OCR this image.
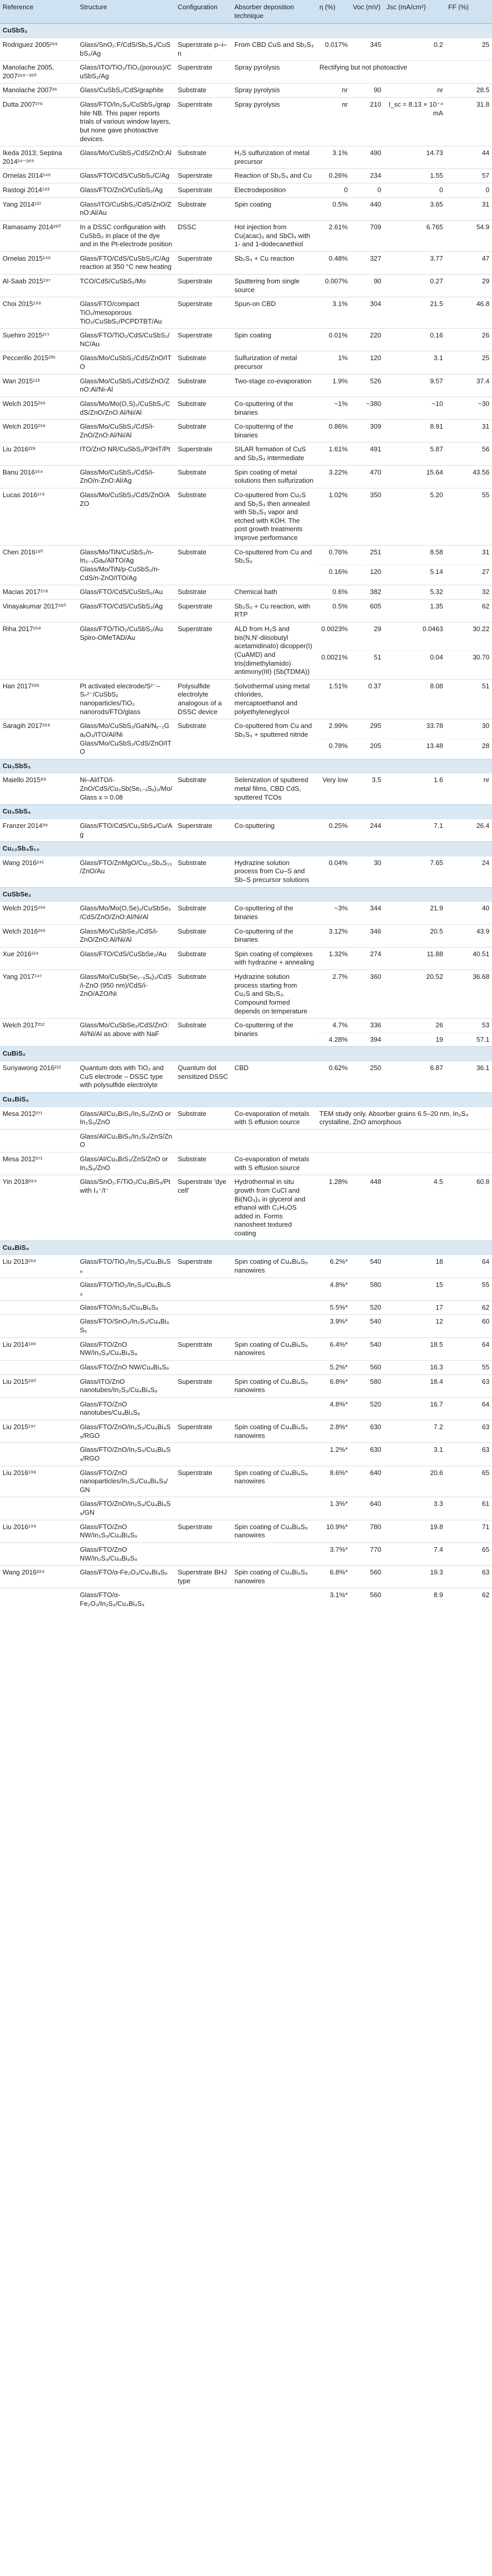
Reference	Structure	Configuration	Absorber deposition technique	η (%)	Voc (mV)	Jsc (mA/cm²)	FF (%)
CuSbS₂							
Rodriguez 2005²⁶⁹	Glass/SnO₂:F/CdS/Sb₂S₃/CuSbS₂/Ag	Superstrate p–i–n	From CBD CuS and Sb₂S₃	0.017%	345	0.2	25
Manolache 2005, 2007²⁵⁹⁻²⁶⁰	Glass/ITO/TiO₂/TiO₂(porous)/CuSbS₂/Ag	Superstrate	Spray pyrolysis	Rectifying but not photoactive			
Manolache 2007²⁶	Glass/CuSbS₂/CdS/graphite	Substrate	Spray pyrolysis	nr	90	nr	28.5
Dutta 2007²⁷⁶	Glass/FTO/In₂S₃/CuSbS₂/graphite NB. This paper reports trials of various window layers, but none gave photoactive devices.	Superstrate	Spray pyrolysis	nr	210	I_sc = 8.13 × 10⁻⁴ mA	31.8
Ikeda 2013; Septina 2014²⁴⁻²⁶⁹	Glass/Mo/CuSbS₂/CdS/ZnO:Al	Substrate	H₂S sulfurization of metal precursor	3.1%	490	14.73	44
Ornelas 2014¹⁴⁶	Glass/FTO/CdS/CuSbS₂/C/Ag	Superstrate	Reaction of Sb₂S₃ and Cu	0.26%	234	1.55	57
Rastogi 2014¹⁹³	Glass/FTO/ZnO/CuSbS₂/Ag	Superstrate	Electrodeposition	0	0	0	0
Yang 2014¹³⁷	Glass/ITO/CuSbS₂/CdS/ZnO/ZnO:Al/Au	Substrate	Spin coating	0.5%	440	3.65	31
Ramasamy 2014²⁶⁰	In a DSSC configuration with CuSbS₂ in place of the dye and in the Pt-electrode position	DSSC	Hot injection from Cu(acac)₂ and SbCl₃ with 1- and 1-dodecanethiol	2.61%	709	6.765	54.9
Ornelas 2015¹⁴⁶	Glass/FTO/CdS/CuSbS₂/C/Ag reaction at 350 °C new heating	Superstrate	Sb₂S₃ + Cu reaction	0.48%	327	3.77	47
Al-Saab 2015¹⁹⁷	TCO/CdS/CuSbS₂/Mo	Superstrate	Sputtering from single source	0.007%	90	0.27	29
Choi 2015¹⁹⁸	Glass/FTO/compact TiO₂/mesoporous TiO₂/CuSbS₂/PCPDTBT/Au	Superstrate	Spun-on CBD	3.1%	304	21.5	46.8
Suehiro 2015²⁷⁷	Glass/FTO/TiO₂/CdS/CuSbS₂/NC/Au	Superstrate	Spin coating	0.01%	220	0.16	26
Peccerillo 2015²³⁵	Glass/Mo/CuSbS₂/CdS/ZnO/ITO	Substrate	Sulfurization of metal precursor	1%	120	3.1	25
Wan 2015¹¹³	Glass/Mo/CuSbS₂/CdS/ZnO/ZnO:Al/Ni-Al	Substrate	Two-stage co-evaporation	1.9%	526	9.57	37.4
Welch 2015²⁵⁶	Glass/Mo/Mo(O,S)₂/CuSbS₂/CdS/ZnO/ZnO:Al/Ni/Al	Substrate	Co-sputtering of the binaries	~1%	~380	~10	~30
Welch 2016²⁵⁶	Glass/Mo/CuSbS₂/CdS/i-ZnO/ZnO:Al/Ni/Al	Substrate	Co-sputtering of the binaries	0.86%	309	8.91	31
Liu 2016²²⁸	ITO/ZnO NR/CuSbS₂/P3HT/Pt	Superstrate	SILAR formation of CuS and Sb₂S₃ intermediate	1.61%	491	5.87	56
Banu 2016¹⁶⁴	Glass/Mo/CuSbS₂/CdS/i-ZnO/n-ZnO:Al/Ag	Substrate	Spin coating of metal solutions then sulfurization	3.22%	470	15.64	43.56
Lucas 2016¹⁷⁹	Glass/Mo/CuSbS₂/CdS/ZnO/AZO	Substrate	Co-sputtered from Cu₂S and Sb₂S₃ then annealed with Sb₂S₃ vapor and etched with KOH. The post growth treatments improve performance	1.02%	350	5.20	55
Chen 2016¹⁸⁰	Glass/Mo/TiN/CuSbS₂/n-In₂₋ₓGaₓ/AlITO/Ag
Glass/Mo/TiN/p-CuSbS₂/n-CdS/n-ZnO/ITO/Ag	Substrate	Co-sputtered from Cu and Sb₂S₃	0.76%	251	8.58	31
				0.16%	120	5.14	27
Macias 2017²⁷⁸	Glass/FTO/CdS/CuSbS₂/Au	Substrate	Chemical bath	0.6%	382	5.32	32
Vinayakumar 2017²⁸⁰	Glass/FTO/CdS/CuSbS₂/Ag	Superstrate	Sb₂S₃ + Cu reaction, with RTP	0.5%	605	1.35	62
Riha 2017²⁶⁸	Glass/FTO/TiO₂/CuSbS₂/Au
Spiro-OMeTAD/Au	Superstrate	ALD from H₂S and bis(N,N'-diisobutyl acetamidinato) dicopper(I) (CuAMD) and tris(dimethylamido) antimony(III) (Sb(TDMA))	0.0023%	29	0.0463	30.22
				0.0021%	51	0.04	30.70
Han 2017²⁸⁶	Pt activated electrode/S²⁻–Sₙ²⁻/CuSbS₂ nanoparticles/TiO₂ nanorods/FTO/glass	Polysulfide electrolyte analogous of a DSSC device	Solvothermal using metal chlorides, mercaptoethanol and polyethyleneglycol	1.51%	0.37	8.08	51
Saragih 2017²⁶⁸	Glass/Mo/CuSbS₂/GaN/Nᵧ₋₁GaₓO₃/ITO/Al/Ni
Glass/Mo/CuSbS₂/CdS/ZnO/ITO	Substrate	Co-sputtered from Cu and Sb₂S₃ + sputtered nitride	2.99%	295	33.78	30
				0.78%	205	13.48	28
Cu₃SbS₃							
Maiello 2015⁸⁸	Ni–Al/ITO/i-ZnO/CdS/Cu₃Sb(Se₁₋ₓSₓ)₃/Mo/Glass x = 0.08	Substrate	Selenization of sputtered metal films, CBD CdS, sputtered TCOs	Very low	3.5	1.6	nr
Cu₃SbS₄							
Franzer 2014⁸⁵	Glass/FTO/CdS/Cu₃SbS₄/Cu/Ag	Superstrate	Co-sputtering	0.25%	244	7.1	26.4
Cu₁₂Sb₄S₁₃							
Wang 2016²⁴¹	Glass/FTO/ZnMgO/Cu₁₂Sb₄S₁₃/ZnO/Au	Substrate	Hydrazine solution process from Cu–S and Sb–S precursor solutions	0.04%	30	7.65	24
CuSbSe₂							
Welch 2015²⁵⁶	Glass/Mo/Mo(O,Se)₂/CuSbSe₂/CdS/ZnO/ZnO:Al/Ni/Al	Substrate	Co-sputtering of the binaries	~3%	344	21.9	40
Welch 2016²⁵⁶	Glass/Mo/CuSbSe₂/CdS/i-ZnO/ZnO:Al/Ni/Al	Substrate	Co-sputtering of the binaries	3.12%	346	20.5	43.9
Xue 2016¹²⁴	Glass/FTO/CdS/CuSbSe₂/Au	Substrate	Spin coating of complexes with hydrazine + annealing	1.32%	274	11.88	40.51
Yang 2017¹⁴⁷	Glass/Mo/CuSb(Se₁₋ₓSₓ)₂/CdS/i-ZnO (950 nm)/CdS/i-ZnO/AZO/Ni	Substrate	Hydrazine solution process starting from Cu₂S and Sb₂S₃. Compound formed depends on temperature	2.7%	360	20.52	36.68
Welch 2017²¹²	Glass/Mo/CuSbSe₂/CdS/ZnO:Al/Ni/Al as above with NaF	Substrate	Co-sputtering of the binaries	4.7%	336	26	53
				4.28%	394	19	57.1
CuBiS₂							
Suriyawong 2016²¹²	Quantum dots with TiO₂ and CuS electrode – DSSC type with polysulfide electrolyte	Quantum dot sensitized DSSC	CBD	0.62%	250	6.87	36.1
Cu₃BiS₃							
Mesa 2012²⁷¹	Glass/Al/Cu₃BiS₃/In₂S₃/ZnO or In₂S₃/ZnO	Substrate	Co-evaporation of metals with S effusion source	TEM study only. Absorber grains 6.5–20 nm, In₂S₃ crystalline, ZnO amorphous			
	Glass/Al/Cu₃BiS₃/In₂S₃/ZnS/ZnO						
Mesa 2012²⁷¹	Glass/Al/Cu₃BiS₃/ZnS/ZnO or In₂S₃/ZnO	Substrate	Co-evaporation of metals with S effusion source				
Yin 2018²⁸⁴	Glass/SnO₂:F/TiO₂/Cu₃BiS₃/Pt with I₃⁻/I⁻	Superstrate 'dye cell'	Hydrothermal in situ growth from CuCl and Bi(NO₃)₃ in glycerol and ethanol with C₂H₅OS added in. Forms nanosheet textured coating	1.28%	448	4.5	60.8
Cu₄BiS₄							
Liu 2013²⁶⁹	Glass/FTO/TiO₂/In₂S₃/Cu₄Bi₄S₉	Superstrate	Spin coating of Cu₄Bi₄S₉ nanowires	6.2%*	540	18	64
	Glass/FTO/TiO₂/In₂S₃/Cu₄Bi₄S₉			4.8%*	580	15	55
	Glass/FTO/In₂S₃/Cu₄Bi₄S₉			5.5%*	520	17	62
	Glass/FTO/SnO₂/In₂S₃/Cu₄Bi₄S₉			3.9%*	540	12	60
Liu 2014¹⁸⁶	Glass/FTO/ZnO NW/In₂S₃/Cu₄Bi₄S₉	Superstrate	Spin coating of Cu₄Bi₄S₉ nanowires	6.4%*	540	18.5	64
	Glass/FTO/ZnO NW/Cu₄Bi₄S₉			5.2%*	560	16.3	55
Liu 2015²⁸⁰	Glass/ITO/ZnO nanotubes/In₂S₃/Cu₄Bi₄S₉	Superstrate	Spin coating of Cu₄Bi₄S₉ nanowires	6.8%*	580	18.4	63
	Glass/FTO/ZnO nanotubes/Cu₄Bi₄S₉			4.8%*	520	16.7	64
Liu 2015¹⁹⁷	Glass/FTO/ZnO/In₂S₃/Cu₄Bi₄S₉/RGO	Superstrate	Spin coating of Cu₄Bi₄S₉ nanowires	2.8%*	630	7.2	63
	Glass/FTO/ZnO/In₂S₃/Cu₄Bi₄S₉/RGO			1.2%*	630	3.1	63
Liu 2016¹⁹⁸	Glass/FTO/ZnO nanoparticles/In₂S₃/Cu₄Bi₄S₉/GN	Superstrate	Spin coating of Cu₄Bi₄S₉ nanowires	8.6%*	640	20.6	65
	Glass/FTO/ZnO/In₂S₃/Cu₄Bi₄S₉/GN			1.3%*	640	3.3	61
Liu 2016¹⁹⁹	Glass/FTO/ZnO NW/In₂S₃/Cu₄Bi₄S₉	Superstrate	Spin coating of Cu₄Bi₄S₉ nanowires	10.9%*	780	19.8	71
	Glass/FTO/ZnO NW/In₂S₃/Cu₄Bi₄S₉			3.7%*	770	7.4	65
Wang 2016²⁸⁴	Glass/FTO/α-Fe₂O₃/Cu₄Bi₄S₉	Superstrate BHJ type	Spin coating of Cu₄Bi₄S₉ nanowires	6.8%*	560	19.3	63
	Glass/FTO/α-Fe₂O₃/In₂S₃/Cu₄Bi₄S₉			3.1%*	560	8.9	62
